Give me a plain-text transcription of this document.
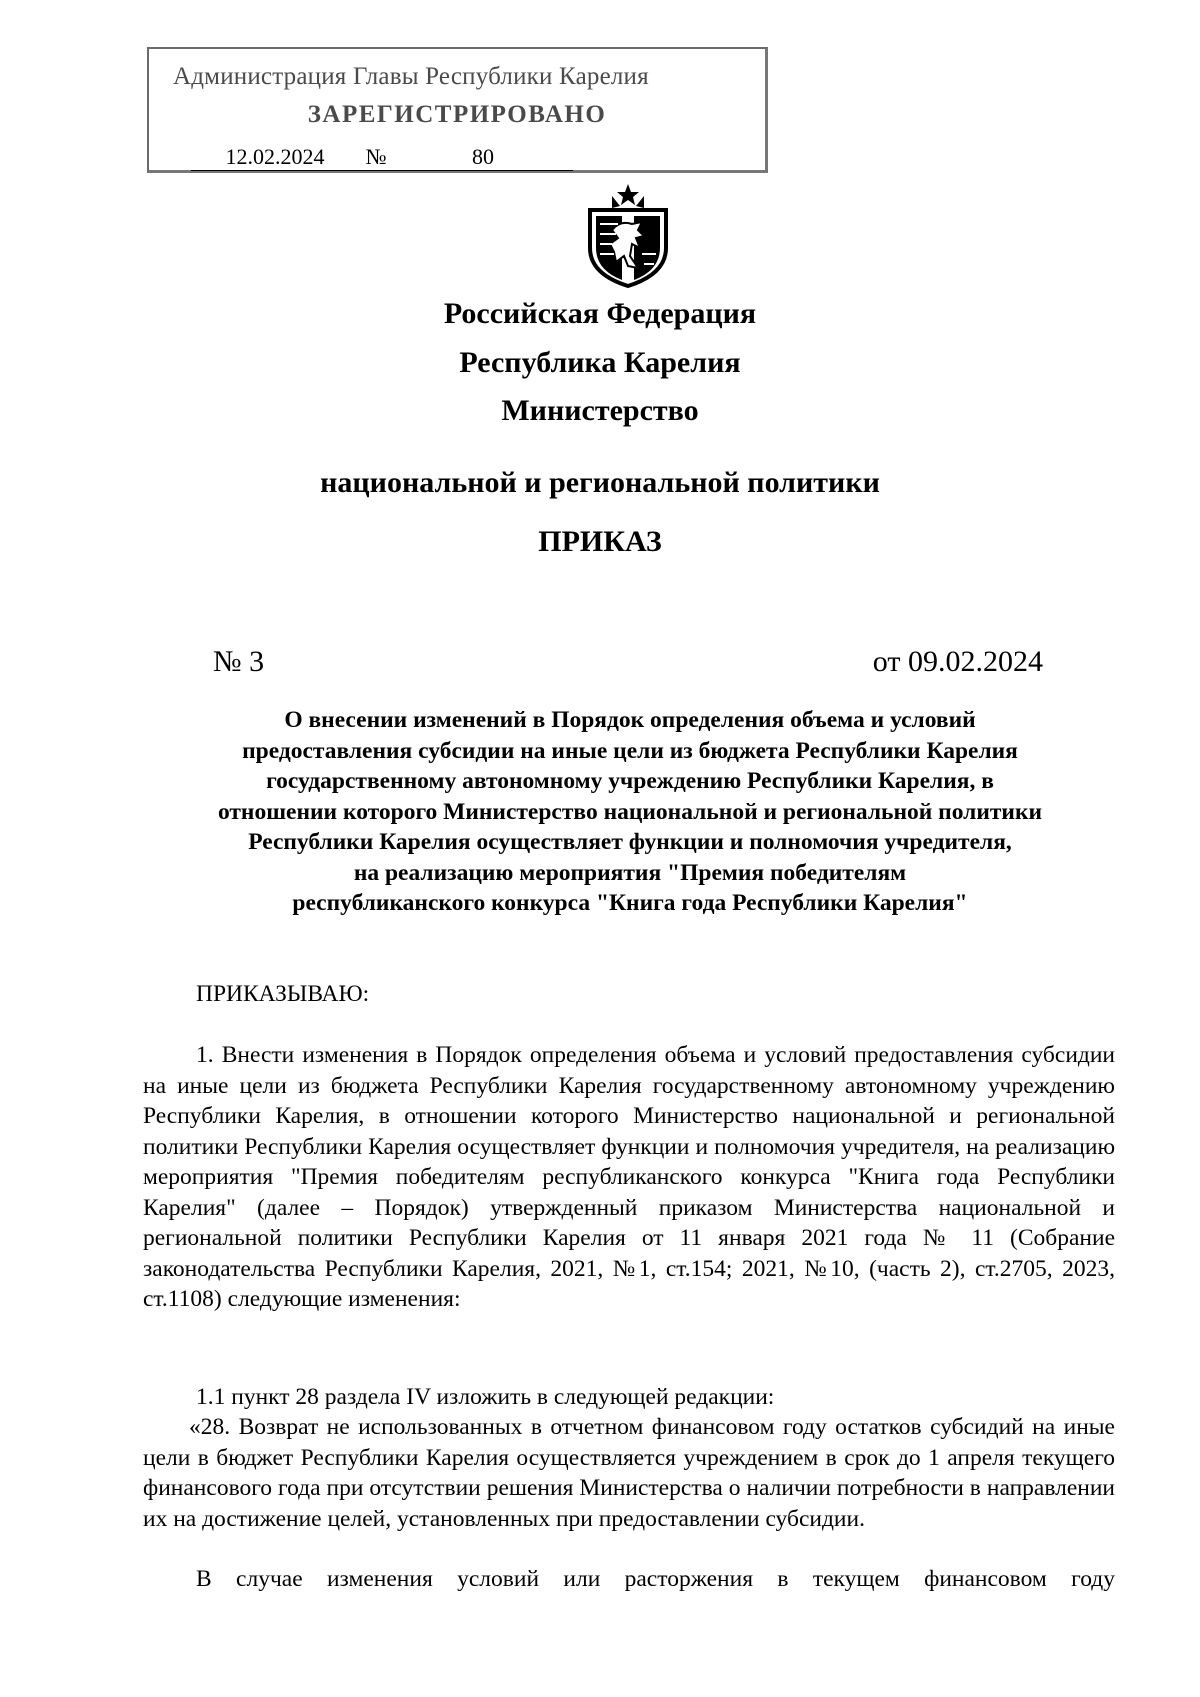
Администрация Главы Республики Карелия
ЗАРЕГИСТРИРОВАНО
12.02.2024 №	80
Российская Федерация
Республика Карелия
Министерство
национальной и региональной политики
ПРИКАЗ
№ 3	от 09.02.2024
О внесении изменений в Порядок определения объема и условий
предоставления субсидии на иные цели из бюджета Республики Карелия
государственному автономному учреждению Республики Карелия, в
отношении которого Министерство национальной и региональной политики
Республики Карелия осуществляет функции и полномочия учредителя,
на реализацию мероприятия "Премия победителям
республиканского конкурса "Книга года Республики Карелия"
ПРИКАЗЫВАЮ:
1. Внести изменения в Порядок определения объема и условий предоставления субсидии на иные цели из бюджета Республики Карелия государственному автономному учреждению Республики Карелия, в отношении которого Министерство национальной и региональной политики Республики Карелия осуществляет функции и полномочия учредителя, на реализацию мероприятия "Премия победителям республиканского конкурса "Книга года Республики Карелия" (далее – Порядок) утвержденный приказом Министерства национальной и региональной политики Республики Карелия от 11 января 2021 года № 11 (Собрание законодательства Республики Карелия, 2021, №1, ст.154; 2021, №10, (часть 2), ст.2705, 2023, ст.1108) следующие изменения:
1.1 пункт 28 раздела IV изложить в следующей редакции:
«28. Возврат не использованных в отчетном финансовом году остатков субсидий на иные цели в бюджет Республики Карелия осуществляется учреждением в срок до 1 апреля текущего финансового года при отсутствии решения Министерства о наличии потребности в направлении их на достижение целей, установленных при предоставлении субсидии.
В случае изменения условий или расторжения в текущем финансовом году
